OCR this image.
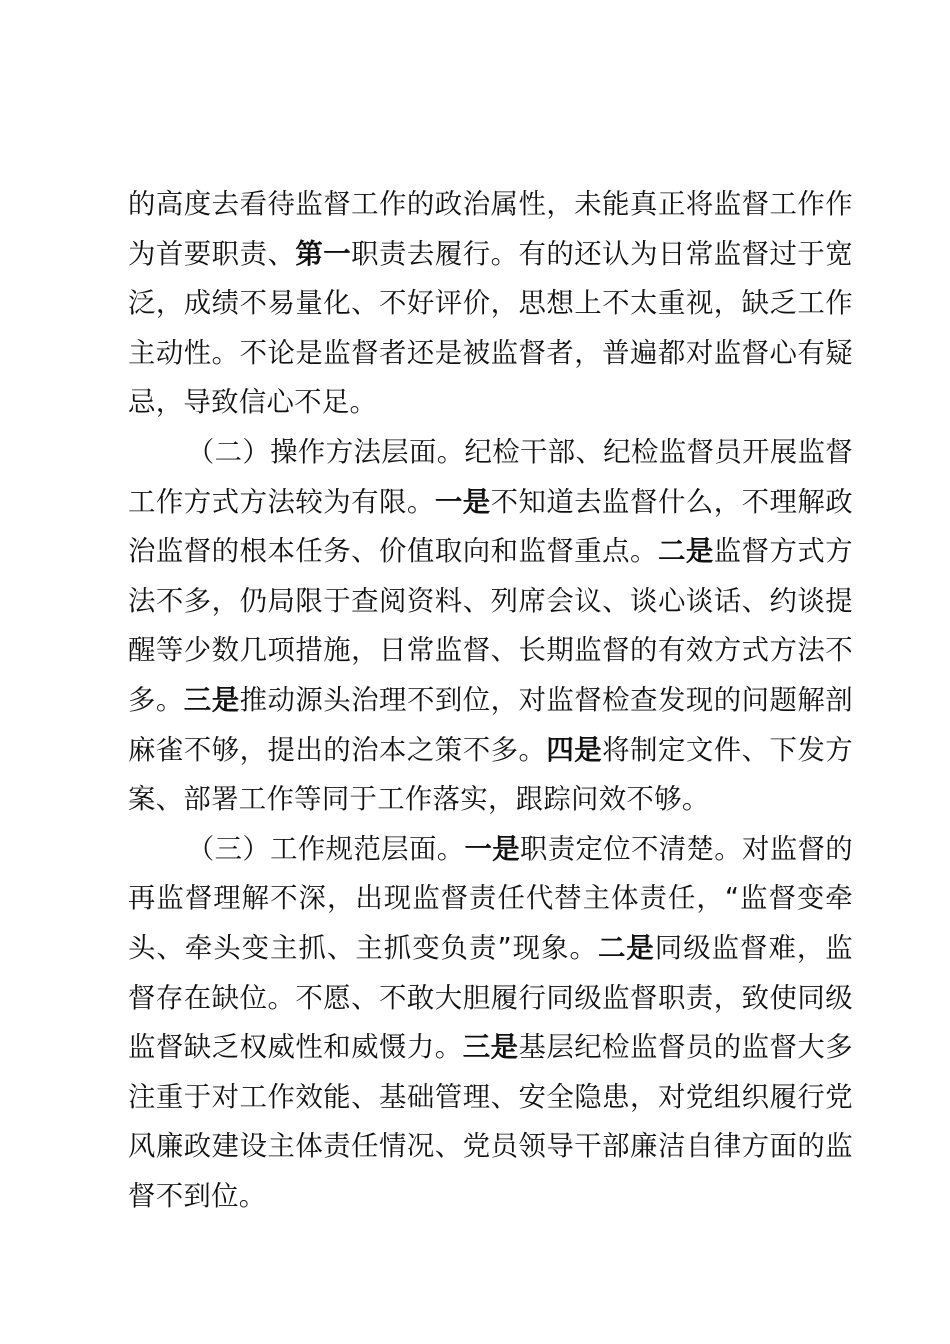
的高度去看待监督工作的政治属性，未能真正将监督工作作为首要职责、第一职责去履行。有的还认为日常监督过于宽泛，成绩不易量化、不好评价，思想上不太重视，缺乏工作主动性。不论是监督者还是被监督者，普遍都对监督心有疑忌，导致信心不足。

（二）操作方法层面。纪检干部、纪检监督员开展监督工作方式方法较为有限。一是不知道去监督什么，不理解政治监督的根本任务、价值取向和监督重点。二是监督方式方法不多，仍局限于查阅资料、列席会议、谈心谈话、约谈提醒等少数几项措施，日常监督、长期监督的有效方式方法不多。三是推动源头治理不到位，对监督检查发现的问题解剖麻雀不够，提出的治本之策不多。四是将制定文件、下发方案、部署工作等同于工作落实，跟踪问效不够。

（三）工作规范层面。一是职责定位不清楚。对监督的再监督理解不深，出现监督责任代替主体责任，“监督变牵头、牵头变主抓、主抓变负责”现象。二是同级监督难，监督存在缺位。不愿、不敢大胆履行同级监督职责，致使同级监督缺乏权威性和威慑力。三是基层纪检监督员的监督大多注重于对工作效能、基础管理、安全隐患，对党组织履行党风廉政建设主体责任情况、党员领导干部廉洁自律方面的监督不到位。
